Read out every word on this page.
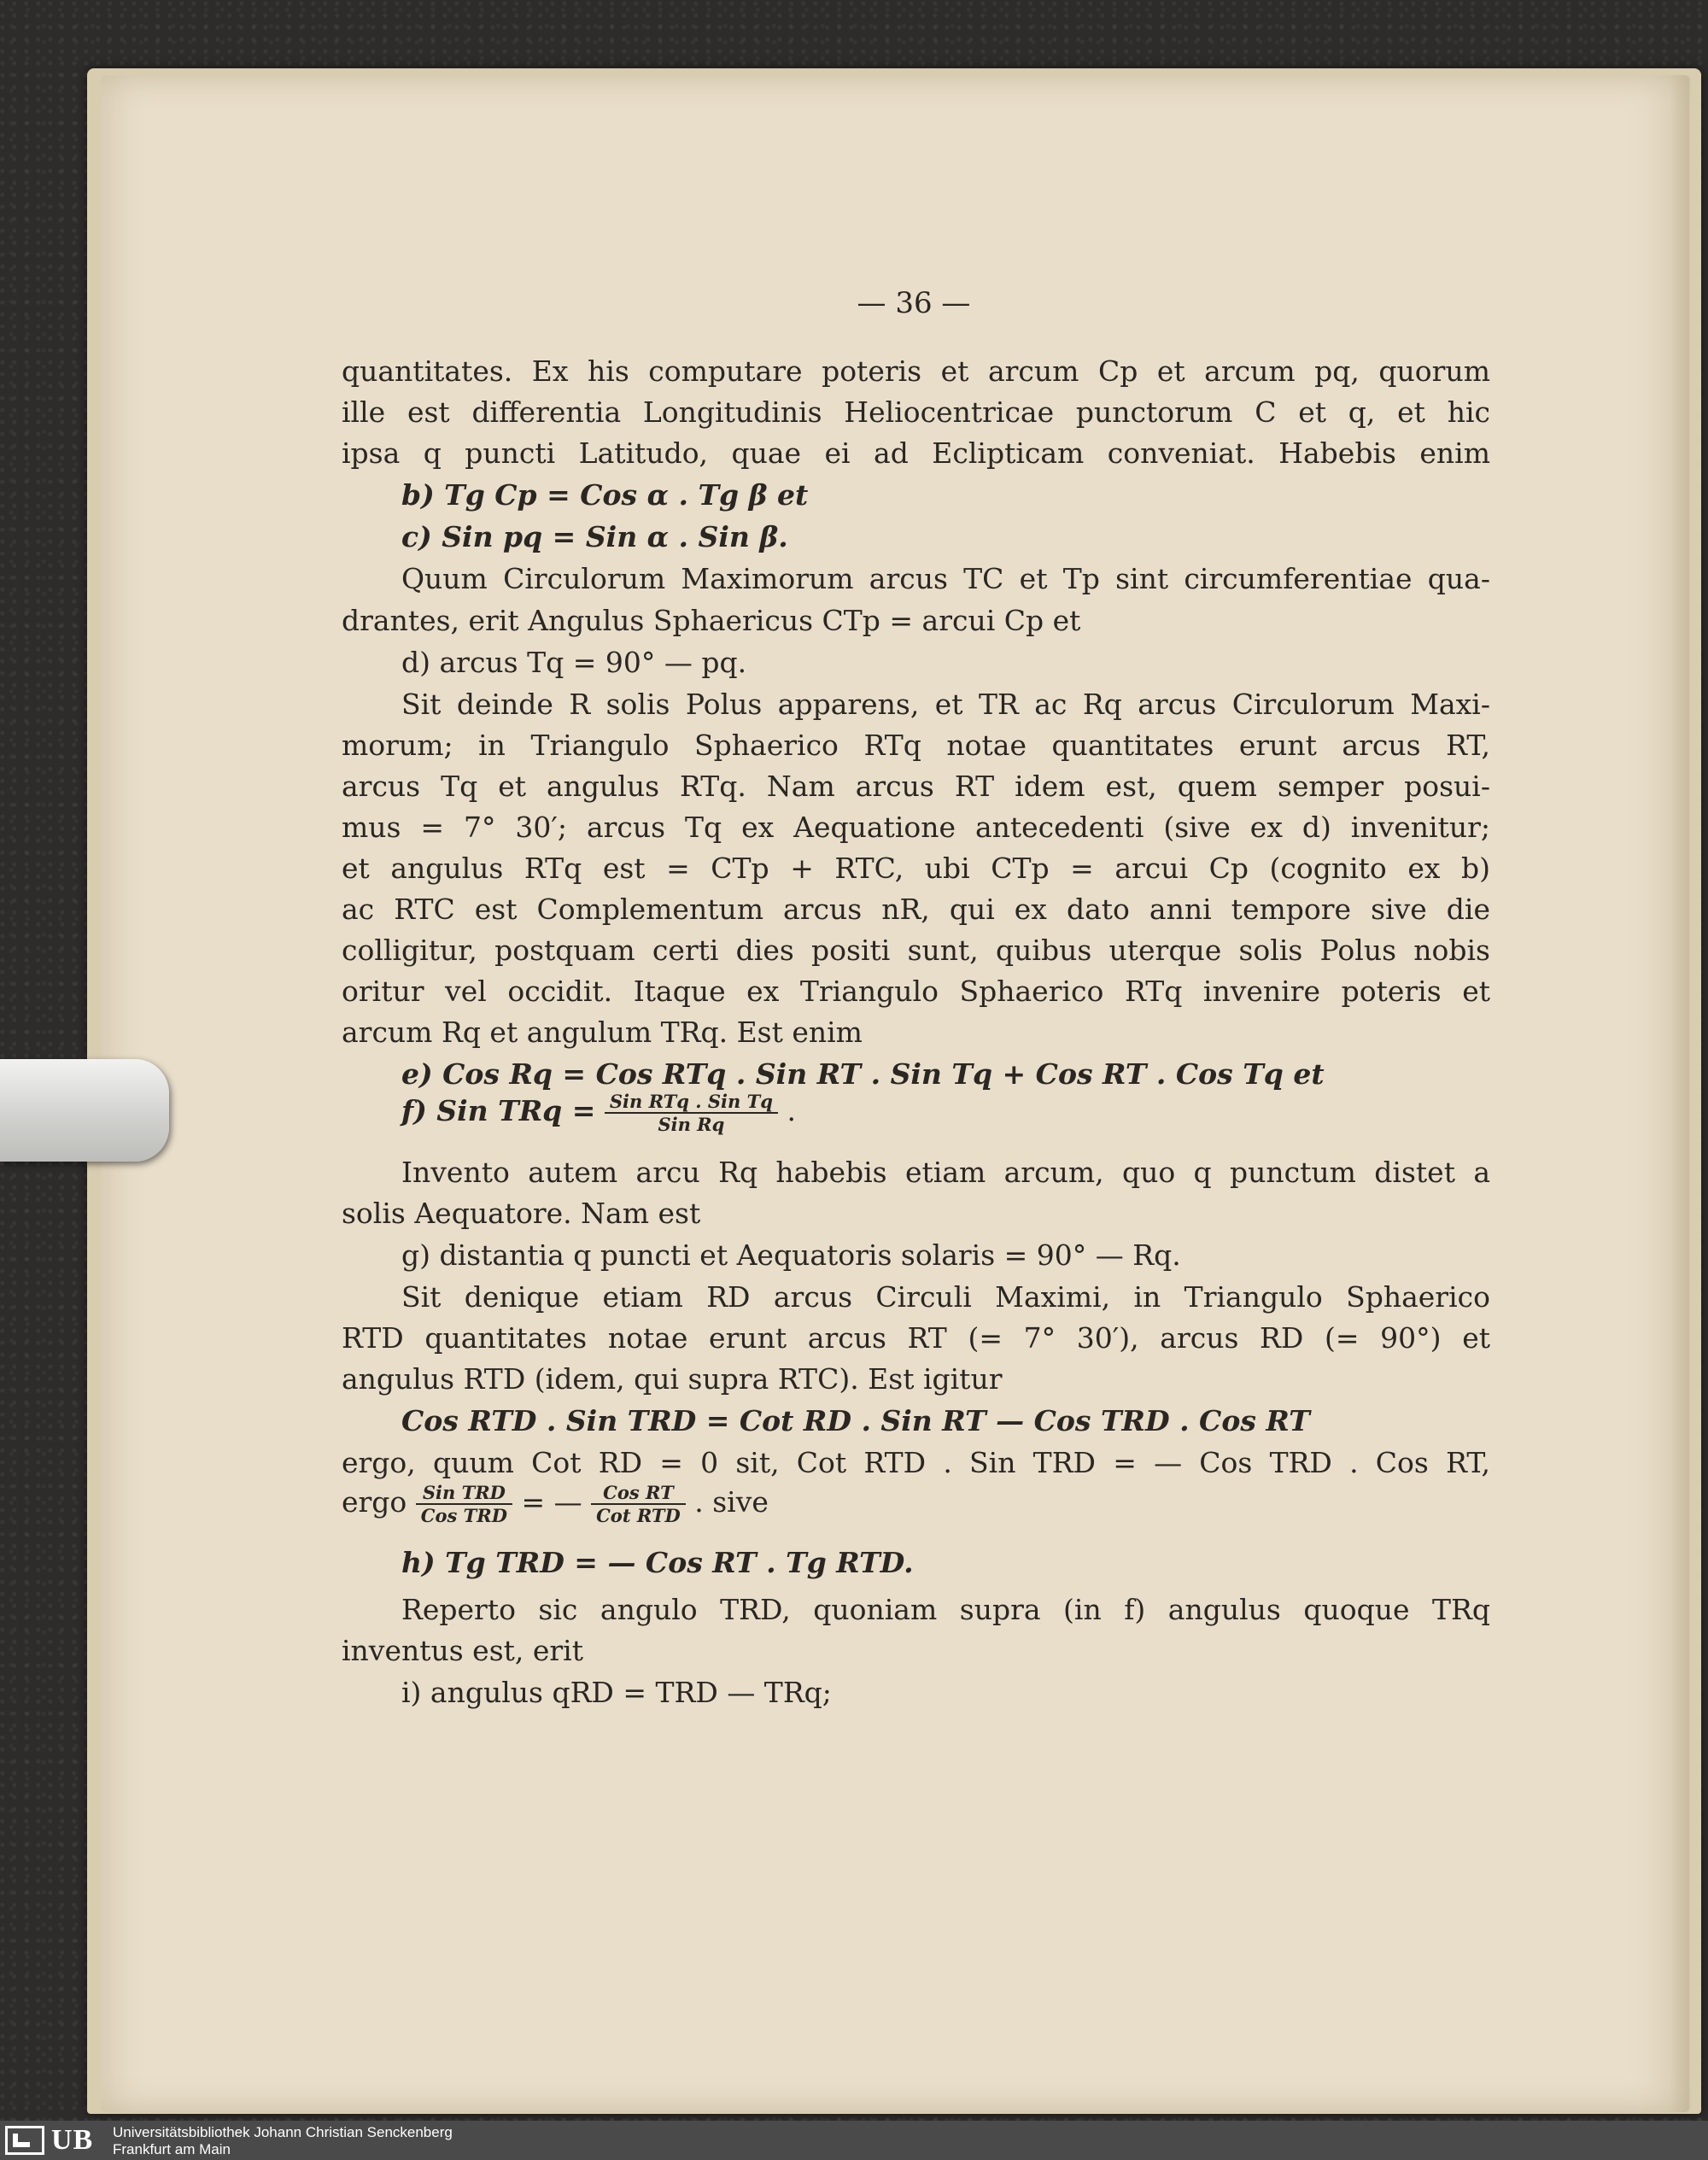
— 36 —
quantitates. Ex his computare poteris et arcum Cp et arcum pq, quorum
ille est differentia Longitudinis Heliocentricae punctorum C et q, et hic
ipsa q puncti Latitudo, quae ei ad Eclipticam conveniat. Habebis enim
b) Tg Cp = Cos α . Tg β et
c) Sin pq = Sin α . Sin β.
Quum Circulorum Maximorum arcus TC et Tp sint circumferentiae qua-
drantes, erit Angulus Sphaericus CTp = arcui Cp et
d) arcus Tq = 90° — pq.
Sit deinde R solis Polus apparens, et TR ac Rq arcus Circulorum Maxi-
morum; in Triangulo Sphaerico RTq notae quantitates erunt arcus RT,
arcus Tq et angulus RTq. Nam arcus RT idem est, quem semper posui-
mus = 7° 30′; arcus Tq ex Aequatione antecedenti (sive ex d) invenitur;
et angulus RTq est = CTp + RTC, ubi CTp = arcui Cp (cognito ex b)
ac RTC est Complementum arcus nR, qui ex dato anni tempore sive die
colligitur, postquam certi dies positi sunt, quibus uterque solis Polus nobis
oritur vel occidit. Itaque ex Triangulo Sphaerico RTq invenire poteris et
arcum Rq et angulum TRq. Est enim
e) Cos Rq = Cos RTq . Sin RT . Sin Tq + Cos RT . Cos Tq et
f) Sin TRq = $\frac{\text{Sin RTq . Sin Tq}}{\text{Sin Rq}}$ .
Invento autem arcu Rq habebis etiam arcum, quo q punctum distet a
solis Aequatore. Nam est
g) distantia q puncti et Aequatoris solaris = 90° — Rq.
Sit denique etiam RD arcus Circuli Maximi, in Triangulo Sphaerico
RTD quantitates notae erunt arcus RT (= 7° 30′), arcus RD (= 90°) et
angulus RTD (idem, qui supra RTC). Est igitur
Cos RTD . Sin TRD = Cot RD . Sin RT — Cos TRD . Cos RT
ergo, quum Cot RD = 0 sit, Cot RTD . Sin TRD = — Cos TRD . Cos RT,
ergo $\frac{\text{Sin TRD}}{\text{Cos TRD}}$ = — $\frac{\text{Cos RT}}{\text{Cot RTD}}$ . sive
h) Tg TRD = — Cos RT . Tg RTD.
Reperto sic angulo TRD, quoniam supra (in f) angulus quoque TRq
inventus est, erit
i) angulus qRD = TRD — TRq;
UB Universitätsbibliothek Johann Christian Senckenberg
Frankfurt am Main
